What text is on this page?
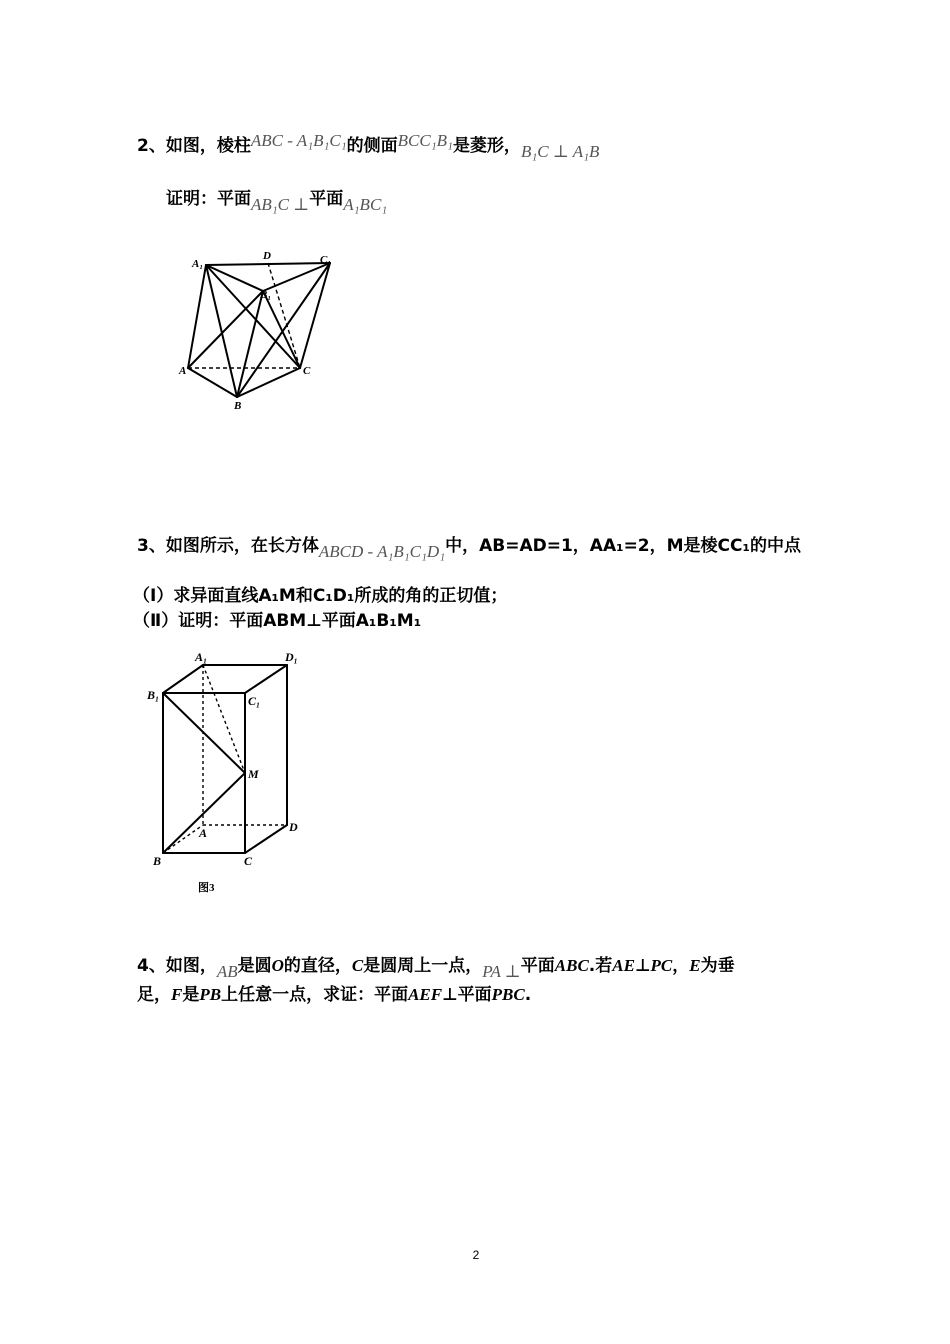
2、如图，棱柱ABC - A₁B₁C₁的侧面BCC₁B₁是菱形，B₁C ⊥ A₁B
证明：平面AB₁C ⊥平面A₁BC₁
A₁
D	C₁
B₁
A	C
B
3、如图所示，在长方体ABCD - A₁B₁C₁D₁中，AB=AD=1，AA₁=2，M是棱CC₁的中点
（Ⅰ）求异面直线A₁M和C₁D₁所成的角的正切值；
（Ⅱ）证明：平面ABM⊥平面A₁B₁M₁
A₁	D₁
B₁	C₁
M
A	D
B	C
图3
4、如图，AB是圆O的直径，C是圆周上一点，PA ⊥平面ABC.若AE⊥PC，E为垂
足，F是PB上任意一点，求证：平面AEF⊥平面PBC.
2
